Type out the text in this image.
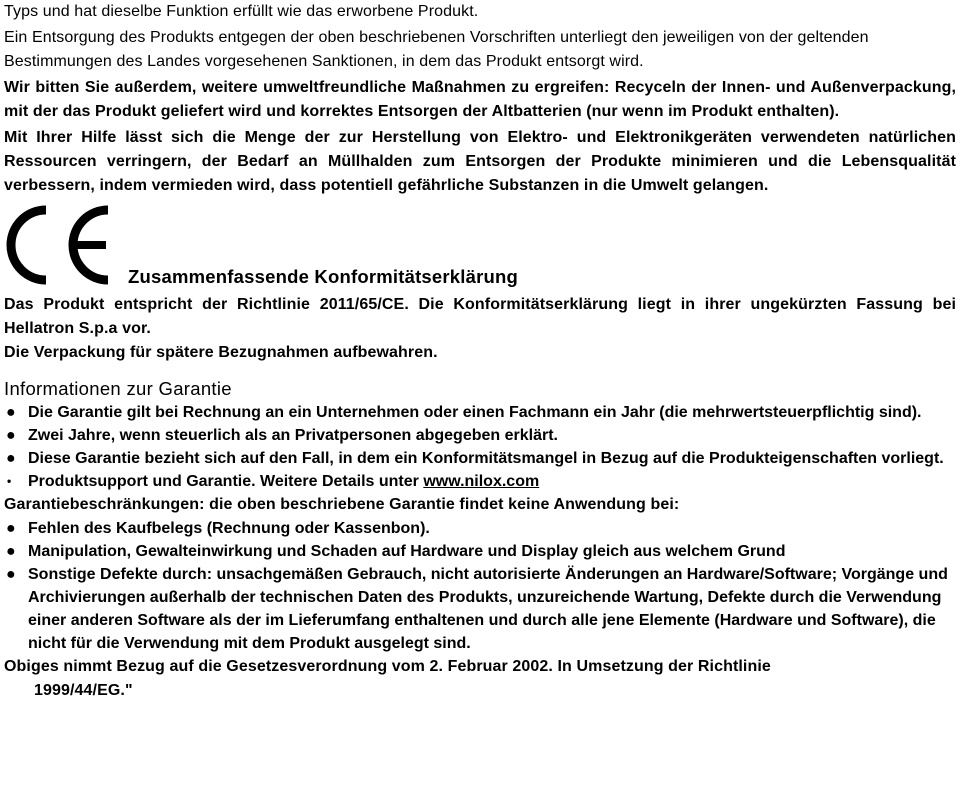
Typs und hat dieselbe Funktion erfüllt wie das erworbene Produkt.

Ein Entsorgung des Produkts entgegen der oben beschriebenen Vorschriften unterliegt den jeweiligen von der geltenden Bestimmungen des Landes vorgesehenen Sanktionen, in dem das Produkt entsorgt wird.

Wir bitten Sie außerdem, weitere umweltfreundliche Maßnahmen zu ergreifen: Recyceln der Innen- und Außenverpackung, mit der das Produkt geliefert wird und korrektes Entsorgen der Altbatterien (nur wenn im Produkt enthalten).

Mit Ihrer Hilfe lässt sich die Menge der zur Herstellung von Elektro- und Elektronikgeräten verwendeten natürlichen Ressourcen verringern, der Bedarf an Müllhalden zum Entsorgen der Produkte minimieren und die Lebensqualität verbessern, indem vermieden wird, dass potentiell gefährliche Substanzen in die Umwelt gelangen.

Zusammenfassende Konformitätserklärung

Das Produkt entspricht der Richtlinie 2011/65/CE. Die Konformitätserklärung liegt in ihrer ungekürzten Fassung bei Hellatron S.p.a vor.

Die Verpackung für spätere Bezugnahmen aufbewahren.

Informationen zur Garantie
● Die Garantie gilt bei Rechnung an ein Unternehmen oder einen Fachmann ein Jahr (die mehrwertsteuerpflichtig sind).
● Zwei Jahre, wenn steuerlich als an Privatpersonen abgegeben erklärt.
● Diese Garantie bezieht sich auf den Fall, in dem ein Konformitätsmangel in Bezug auf die Produkteigenschaften vorliegt.
• Produktsupport und Garantie. Weitere Details unter www.nilox.com

Garantiebeschränkungen: die oben beschriebene Garantie findet keine Anwendung bei:

● Fehlen des Kaufbelegs (Rechnung oder Kassenbon).
● Manipulation, Gewalteinwirkung und Schaden auf Hardware und Display gleich aus welchem Grund
● Sonstige Defekte durch: unsachgemäßen Gebrauch, nicht autorisierte Änderungen an Hardware/Software; Vorgänge und Archivierungen außerhalb der technischen Daten des Produkts, unzureichende Wartung, Defekte durch die Verwendung einer anderen Software als der im Lieferumfang enthaltenen und durch alle jene Elemente (Hardware und Software), die nicht für die Verwendung mit dem Produkt ausgelegt sind.

Obiges nimmt Bezug auf die Gesetzesverordnung vom 2. Februar 2002. In Umsetzung der Richtlinie

1999/44/EG."
